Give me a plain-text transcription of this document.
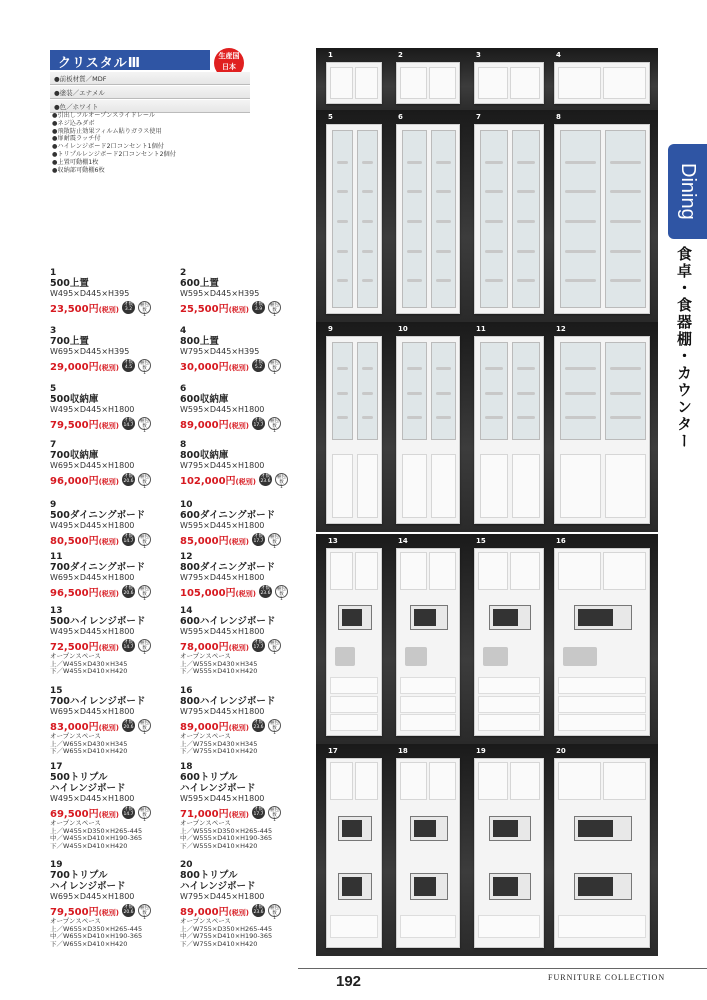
クリスタルⅢ	生産国
日本
●前板材質／MDF
●塗装／エナメル
●色／ホワイト
●引出しフルオープンスライドレール
●ネジ込みダボ
●飛散防止効果フィルム貼りガラス使用
●扉耐震ラッチ付
●ハイレンジボード2口コンセント1個付
●トリプルレンジボード2口コンセント2個付
●上置可動棚1枚
●収納部可動棚6枚
1
500上置
W495×D445×H395
23,500円(税別)
才数
3.2
梱包数
1
2
600上置
W595×D445×H395
25,500円(税別)
才数
3.9
梱包数
1
3
700上置
W695×D445×H395
29,000円(税別)
才数
4.5
梱包数
1
4
800上置
W795×D445×H395
30,000円(税別)
才数
5.2
梱包数
1
5
500収納庫
W495×D445×H1800
79,500円(税別)
才数
14.7
梱包数
1
6
600収納庫
W595×D445×H1800
89,000円(税別)
才数
17.7
梱包数
1
7
700収納庫
W695×D445×H1800
96,000円(税別)
才数
20.6
梱包数
1
8
800収納庫
W795×D445×H1800
102,000円(税別)
才数
23.6
梱包数
1
9
500ダイニングボード
W495×D445×H1800
80,500円(税別)
才数
14.7
梱包数
1
10
600ダイニングボード
W595×D445×H1800
85,000円(税別)
才数
17.7
梱包数
1
11
700ダイニングボード
W695×D445×H1800
96,500円(税別)
才数
20.6
梱包数
1
12
800ダイニングボード
W795×D445×H1800
105,000円(税別)
才数
23.6
梱包数
1
13
500ハイレンジボード
W495×D445×H1800
72,500円(税別)
才数
14.7
梱包数
1
オープンスペース
上／W455×D430×H345
下／W455×D410×H420
14
600ハイレンジボード
W595×D445×H1800
78,000円(税別)
才数
17.7
梱包数
1
オープンスペース
上／W555×D430×H345
下／W555×D410×H420
15
700ハイレンジボード
W695×D445×H1800
83,000円(税別)
才数
20.6
梱包数
1
オープンスペース
上／W655×D430×H345
下／W655×D410×H420
16
800ハイレンジボード
W795×D445×H1800
89,000円(税別)
才数
23.6
梱包数
1
オープンスペース
上／W755×D430×H345
下／W755×D410×H420
17
500トリプル
ハイレンジボード
W495×D445×H1800
69,500円(税別)
才数
14.7
梱包数
1
オープンスペース
上／W455×D350×H265-445
中／W455×D410×H190-365
下／W455×D410×H420
18
600トリプル
ハイレンジボード
W595×D445×H1800
71,000円(税別)
才数
17.7
梱包数
1
オープンスペース
上／W555×D350×H265-445
中／W555×D410×H190-365
下／W555×D410×H420
19
700トリプル
ハイレンジボード
W695×D445×H1800
79,500円(税別)
才数
20.6
梱包数
1
オープンスペース
上／W655×D350×H265-445
中／W655×D410×H190-365
下／W655×D410×H420
20
800トリプル
ハイレンジボード
W795×D445×H1800
89,000円(税別)
才数
23.6
梱包数
1
オープンスペース
上／W755×D350×H265-445
中／W755×D410×H190-365
下／W755×D410×H420
1	2	3	4
5	6	7	8
9	10	11	12
13	14	15	16
17	18	19	20
Dining
食卓・食器棚・カウンター
192	FURNITURE COLLECTION
